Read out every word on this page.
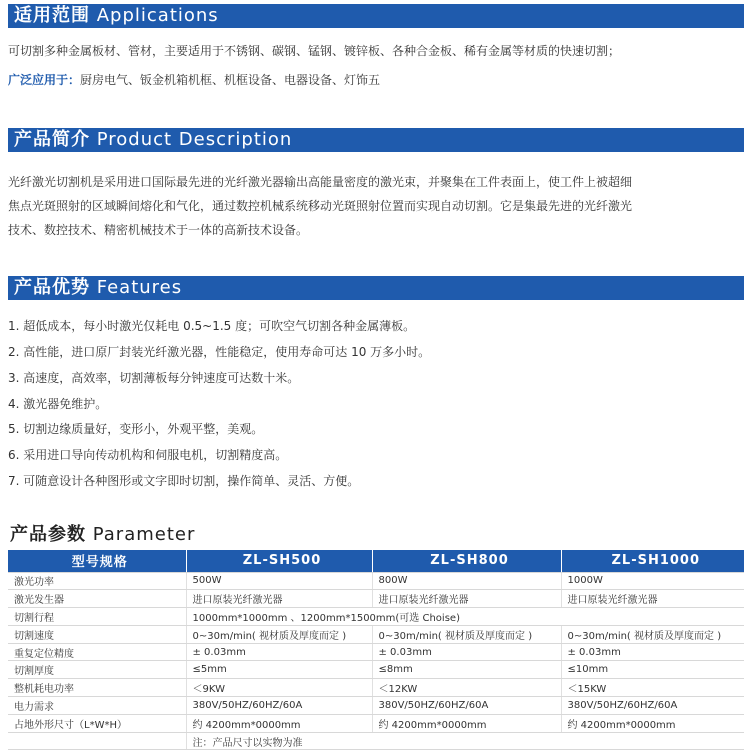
适用范围 Applications
可切割多种金属板材、管材，主要适用于不锈钢、碳钢、锰钢、镀锌板、各种合金板、稀有金属等材质的快速切割；
广泛应用于：厨房电气、钣金机箱机框、机框设备、电器设备、灯饰五
产品简介 Product Description
光纤激光切割机是采用进口国际最先进的光纤激光器输出高能量密度的激光束，并聚集在工件表面上，使工件上被超细
焦点光斑照射的区域瞬间熔化和气化，通过数控机械系统移动光斑照射位置而实现自动切割。它是集最先进的光纤激光
技术、数控技术、精密机械技术于一体的高新技术设备。
产品优势 Features
1. 超低成本，每小时激光仅耗电 0.5~1.5 度；可吹空气切割各种金属薄板。
2. 高性能，进口原厂封装光纤激光器，性能稳定，使用寿命可达 10 万多小时。
3. 高速度，高效率，切割薄板每分钟速度可达数十米。
4. 激光器免维护。
5. 切割边缘质量好，变形小，外观平整，美观。
6. 采用进口导向传动机构和伺服电机，切割精度高。
7. 可随意设计各种图形或文字即时切割，操作简单、灵活、方便。
产品参数 Parameter
型号规格	ZL-SH500	ZL-SH800	ZL-SH1000
激光功率	500W	800W	1000W
激光发生器	进口原装光纤激光器	进口原装光纤激光器	进口原装光纤激光器
切割行程	1000mm*1000mm 、1200mm*1500mm(可选 Choise)		
切割速度	0~30m/min( 视材质及厚度而定 )	0~30m/min( 视材质及厚度而定 )	0~30m/min( 视材质及厚度而定 )
重复定位精度	± 0.03mm	± 0.03mm	± 0.03mm
切割厚度	≤5mm	≤8mm	≤10mm
整机耗电功率	＜9KW	＜12KW	＜15KW
电力需求	380V/50HZ/60HZ/60A	380V/50HZ/60HZ/60A	380V/50HZ/60HZ/60A
占地外形尺寸（L*W*H）	约 4200mm*0000mm	约 4200mm*0000mm	约 4200mm*0000mm
	注：产品尺寸以实物为准		
